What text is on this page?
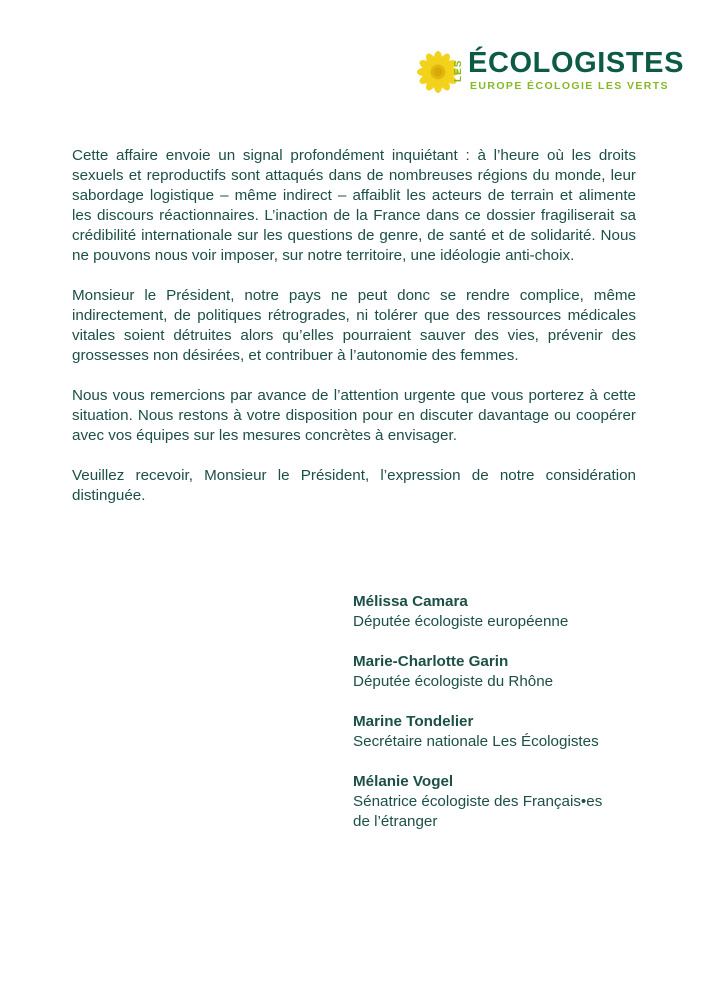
LES ÉCOLOGISTES
EUROPE ÉCOLOGIE LES VERTS

Cette affaire envoie un signal profondément inquiétant : à l’heure où les droits sexuels et reproductifs sont attaqués dans de nombreuses régions du monde, leur sabordage logistique – même indirect – affaiblit les acteurs de terrain et alimente les discours réactionnaires. L’inaction de la France dans ce dossier fragiliserait sa crédibilité internationale sur les questions de genre, de santé et de solidarité. Nous ne pouvons nous voir imposer, sur notre territoire, une idéologie anti-choix.

Monsieur le Président, notre pays ne peut donc se rendre complice, même indirectement, de politiques rétrogrades, ni tolérer que des ressources médicales vitales soient détruites alors qu’elles pourraient sauver des vies, prévenir des grossesses non désirées, et contribuer à l’autonomie des femmes.

Nous vous remercions par avance de l’attention urgente que vous porterez à cette situation. Nous restons à votre disposition pour en discuter davantage ou coopérer avec vos équipes sur les mesures concrètes à envisager.

Veuillez recevoir, Monsieur le Président, l’expression de notre considération distinguée.

Mélissa Camara
Députée écologiste européenne
Marie-Charlotte Garin
Députée écologiste du Rhône
Marine Tondelier
Secrétaire nationale Les Écologistes
Mélanie Vogel
Sénatrice écologiste des Français•es de l’étranger
